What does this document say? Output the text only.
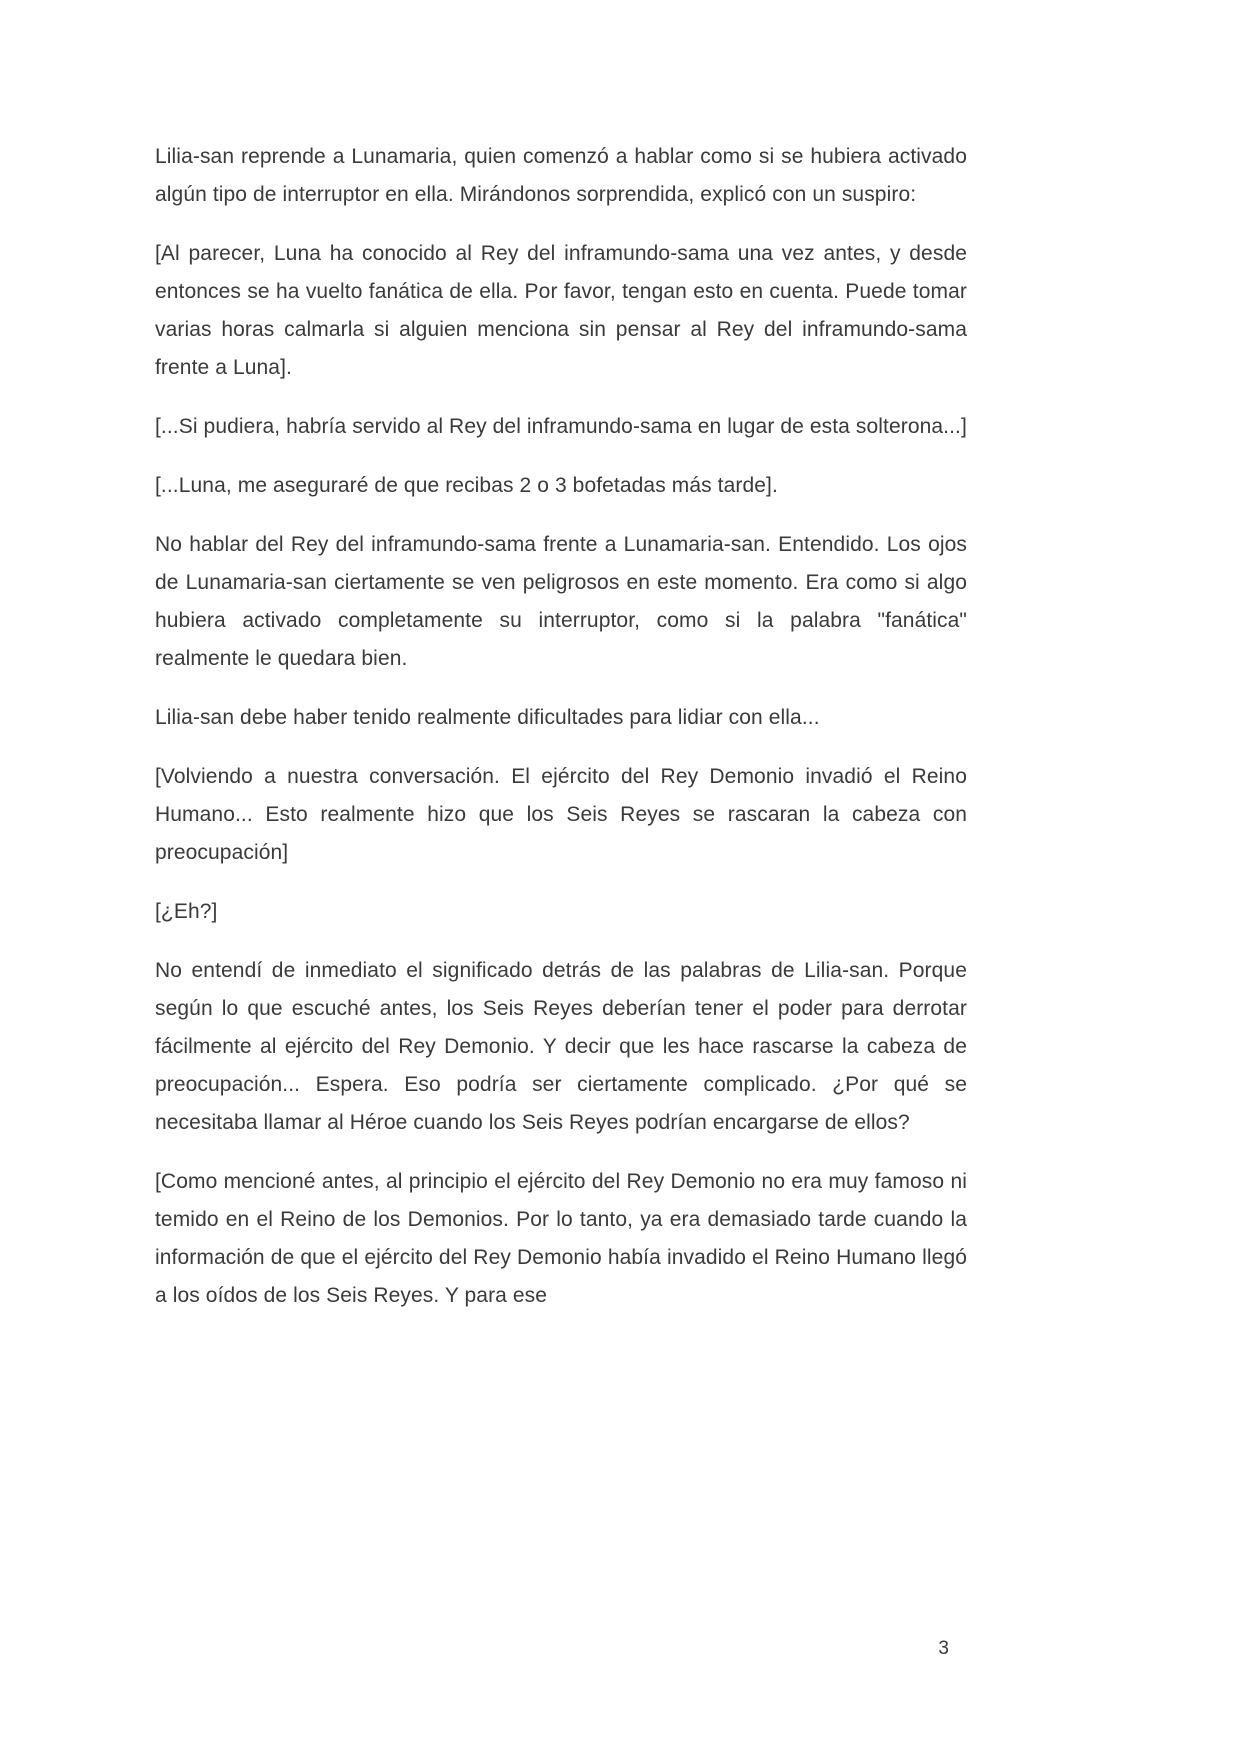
Lilia-san reprende a Lunamaria, quien comenzó a hablar como si se hubiera activado algún tipo de interruptor en ella. Mirándonos sorprendida, explicó con un suspiro:

[Al parecer, Luna ha conocido al Rey del inframundo-sama una vez antes, y desde entonces se ha vuelto fanática de ella. Por favor, tengan esto en cuenta. Puede tomar varias horas calmarla si alguien menciona sin pensar al Rey del inframundo-sama frente a Luna].

[...Si pudiera, habría servido al Rey del inframundo-sama en lugar de esta solterona...]

[...Luna, me aseguraré de que recibas 2 o 3 bofetadas más tarde].

No hablar del Rey del inframundo-sama frente a Lunamaria-san. Entendido. Los ojos de Lunamaria-san ciertamente se ven peligrosos en este momento. Era como si algo hubiera activado completamente su interruptor, como si la palabra "fanática" realmente le quedara bien.

Lilia-san debe haber tenido realmente dificultades para lidiar con ella...

[Volviendo a nuestra conversación. El ejército del Rey Demonio invadió el Reino Humano... Esto realmente hizo que los Seis Reyes se rascaran la cabeza con preocupación]

[¿Eh?]

No entendí de inmediato el significado detrás de las palabras de Lilia-san. Porque según lo que escuché antes, los Seis Reyes deberían tener el poder para derrotar fácilmente al ejército del Rey Demonio. Y decir que les hace rascarse la cabeza de preocupación... Espera. Eso podría ser ciertamente complicado. ¿Por qué se necesitaba llamar al Héroe cuando los Seis Reyes podrían encargarse de ellos?

[Como mencioné antes, al principio el ejército del Rey Demonio no era muy famoso ni temido en el Reino de los Demonios. Por lo tanto, ya era demasiado tarde cuando la información de que el ejército del Rey Demonio había invadido el Reino Humano llegó a los oídos de los Seis Reyes. Y para ese

3
